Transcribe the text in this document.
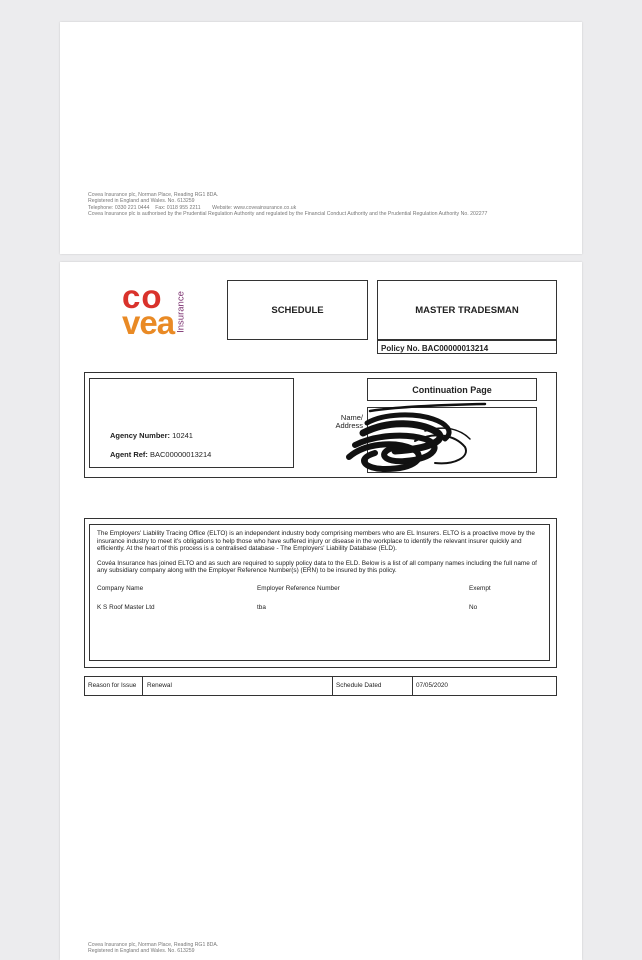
Covea Insurance plc, Norman Place, Reading RG1 8DA.
Registered in England and Wales. No. 613259
Telephone: 0330 221 0444 Fax: 0118 955 2211 Website: www.coveainsurance.co.uk
Covea Insurance plc is authorised by the Prudential Regulation Authority and regulated by the Financial Conduct Authority and the Prudential Regulation Authority No. 202277
co
vea Insurance	SCHEDULE	MASTER TRADESMAN
Policy No. BAC00000013214
Agency Number: 10241
Agent Ref: BAC00000013214
Continuation Page
Name/
Address
The Employers' Liability Tracing Office (ELTO) is an independent industry body comprising members who are EL Insurers. ELTO is a proactive move by the insurance industry to meet it's obligations to help those who have suffered injury or disease in the workplace to identify the relevant insurer quickly and efficiently. At the heart of this process is a centralised database - The Employers' Liability Database (ELD).
Covéa Insurance has joined ELTO and as such are required to supply policy data to the ELD. Below is a list of all company names including the full name of any subsidiary company along with the Employer Reference Number(s) (ERN) to be insured by this policy.
Company Name	Employer Reference Number	Exempt
K S Roof Master Ltd	tba	No
Reason for Issue	Renewal	Schedule Dated	07/05/2020
Covea Insurance plc, Norman Place, Reading RG1 8DA.
Registered in England and Wales. No. 613259
